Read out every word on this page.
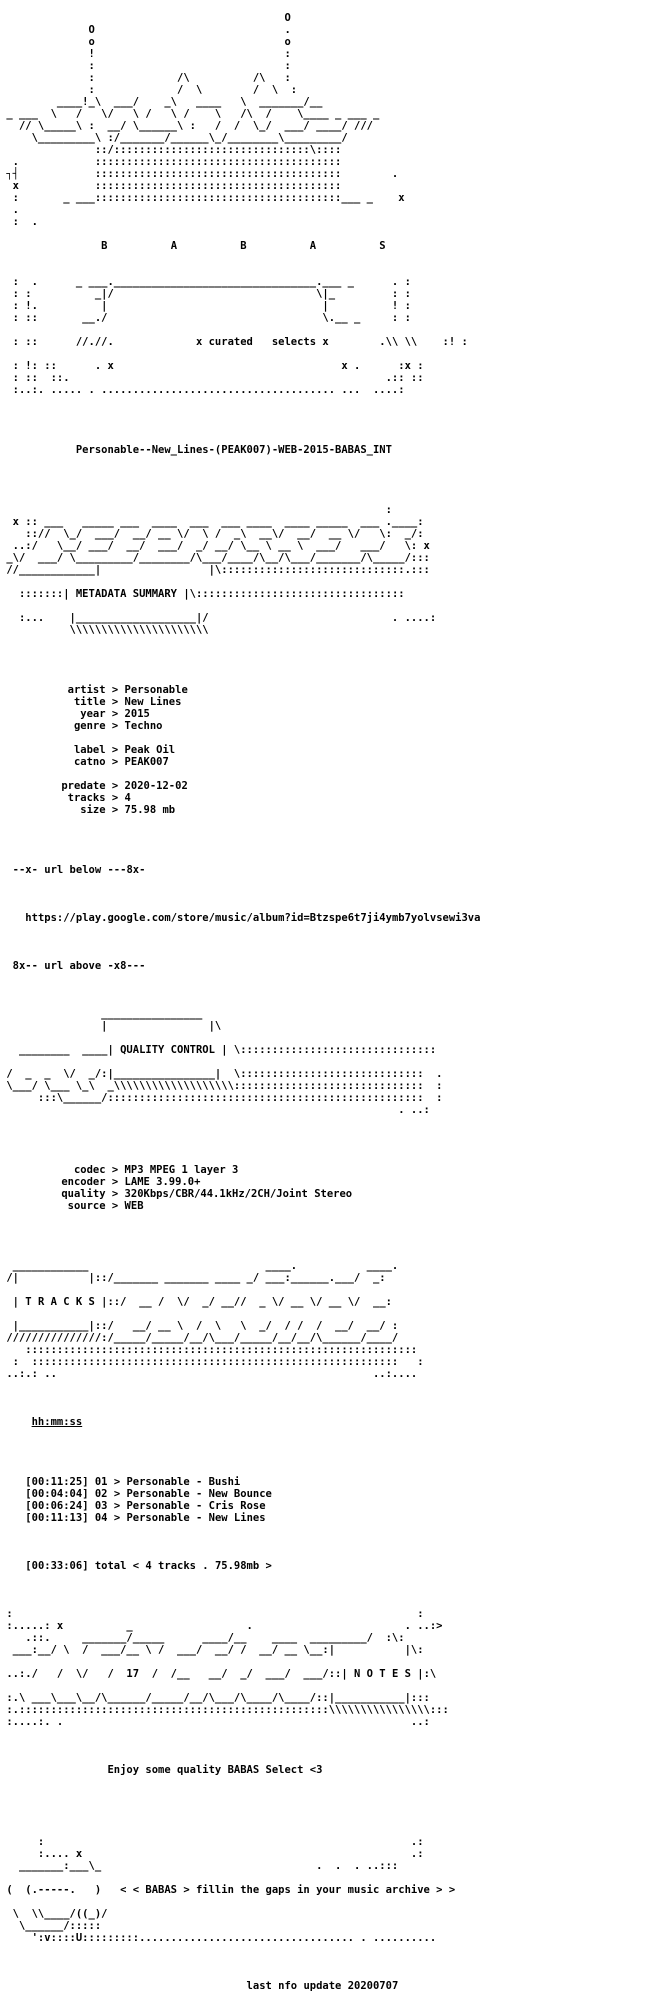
O
O                              .
o                              o
!                              :
:                              :
:             /\          /\   :
:             /  \        /  \  :
____!_\  ___/    _\   ____   \  _______/__
_ ___  \   /   \/   \ /   \ /    \   /\  /    \____ _ ___ _
// \_____\ :  __/ \______\ :   /  /  \_/  ___/ ____/ ///
\_________\ :/_______/______\_/________\_________/
::/:::::::::::::::::::::::::::::::\::::
.            :::::::::::::::::::::::::::::::::::::::
┐┤            :::::::::::::::::::::::::::::::::::::::        .
x            :::::::::::::::::::::::::::::::::::::::
:       _ ___:::::::::::::::::::::::::::::::::::::::___ _    x
.
:  .

B          A          B          A          S

:  .      _ ___.________________________________.___ _      . :
: :          _|/                                \|_         : :
: !.          |                                  |          ! :
: ::       __./                                  \.__ _     : :

: ::      //.//.             x curated   selects x        .\\ \\    :! :

: !: ::      . x                                    x .      :x :
: ::  ::.                                                  .:: ::
:..:. ..... . ..................................... ...  ....:

Personable--New_Lines-(PEAK007)-WEB-2015-BABAS_INT

:
x :: ___   _____ ___  ____  ___  ___ ____  ____ _____  ___ .____:
:://  \_/  ___/  __/ __ \/  \ /  _\  __\/  __/  __ \/   \:  _/:
..:/   \__/ ___/  __/  ___/  _/ __/ \__ \ __ \  ___/   ___/   \: x
_\/  ___/ \_________/________/\___/____/\__/\___/_______/\_____/:::
//____________|                 |\:::::::::::::::::::::::::::::.:::

:::::::| METADATA SUMMARY |\:::::::::::::::::::::::::::::::::

:...    |___________________|/                             . ....:
\\\\\\\\\\\\\\\\\\\\\\

artist > Personable
title > New Lines
year > 2015
genre > Techno
label > Peak Oil
catno > PEAK007
predate > 2020-12-02
tracks > 4
size > 75.98 mb

--x- url below ---8x-

https://play.google.com/store/music/album?id=Btzspe6t7ji4ymb7yolvsewi3va

8x-- url above -x8---

________________
|                |\

________  ____| QUALITY CONTROL | \:::::::::::::::::::::::::::::::

/  _  _  \/  _/:|________________|  \:::::::::::::::::::::::::::::  .
\___/ \___ \_\  _\\\\\\\\\\\\\\\\\\\::::::::::::::::::::::::::::::  :
:::\______/::::::::::::::::::::::::::::::::::::::::::::::::::  :
. ..:

codec > MP3 MPEG 1 layer 3
encoder > LAME 3.99.0+
quality > 320Kbps/CBR/44.1kHz/2CH/Joint Stereo
source > WEB

____________                            ____.           ____.
/|           |::/_______ _______ ____ _/ ___:______.___/  _:

| T R A C K S |::/  __ /  \/  _/ __//  _ \/ __ \/ __ \/  __:

|___________|::/   __/ __ \  /  \   \  _/  / /  /  __/  __/ :
///////////////:/_____/_____/__/\___/_____/__/__/\______/____/
::::::::::::::::::::::::::::::::::::::::::::::::::::::::::::::
:  ::::::::::::::::::::::::::::::::::::::::::::::::::::::::::   :
..:.: ..                                                  ..:....

hh:mm:ss

[00:11:25] 01 > Personable - Bushi
[00:04:04] 02 > Personable - New Bounce
[00:06:24] 03 > Personable - Cris Rose
[00:11:13] 04 > Personable - New Lines

[00:33:06] total < 4 tracks . 75.98mb >

:                                                                :
:.....: x          _                  .                        . ..:>
.::.     _______/_____      ____/__    ____  _________/  :\:
___:__/ \  /  ___/__ \ /  ___/  __/ /  __/ __ \__:|           |\:

..:./   /  \/   /  17  /  /__   __/  _/  ___/  ___/::| N O T E S |:\

:.\ ___\___\__/\______/_____/__/\___/\____/\____/::|___________|:::
:.:::::::::::::::::::::::::::::::::::::::::::::::::\\\\\\\\\\\\\\\\:::
:....:. .                                                       ..:

Enjoy some quality BABAS Select <3

:                                                          .:
:.... x                                                    .:
_______:___\_                                  .  .  . ..:::

(  (.-----.   )   < < BABAS > fillin the gaps in your music archive > >

\  \\____/((_)/
\______/:::::
':v::::U:::::::::.................................. . ..........

last nfo update 20200707
